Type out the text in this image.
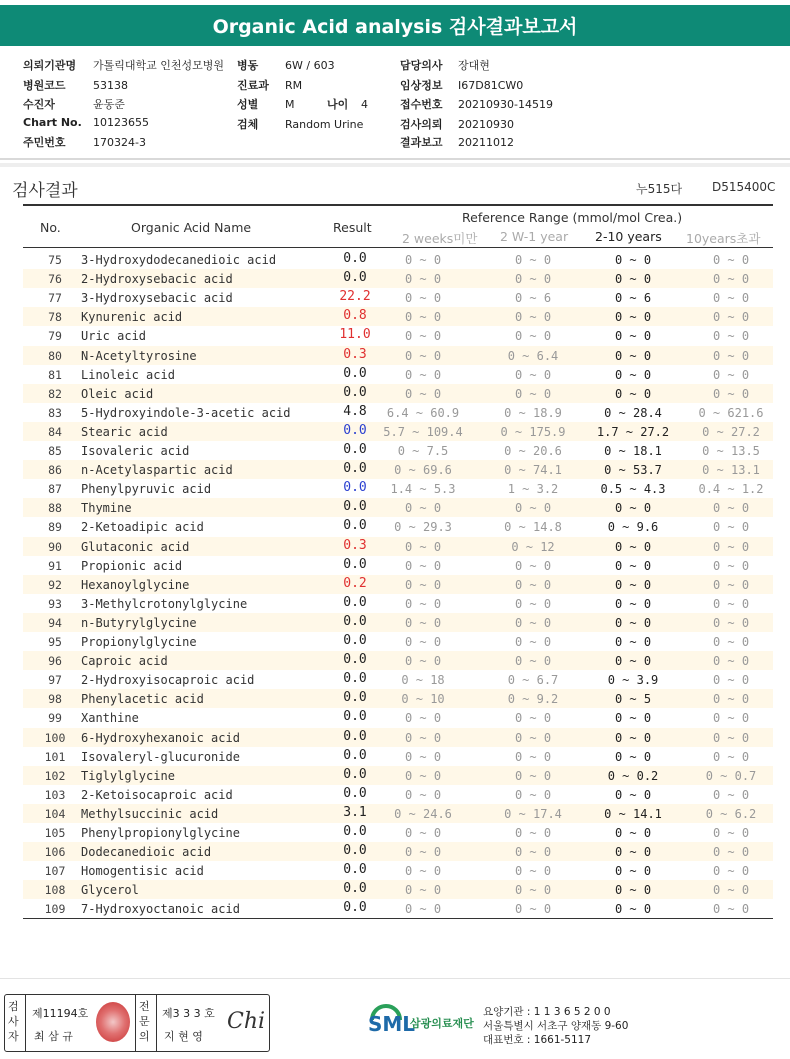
Organic Acid analysis 검사결과보고서
의뢰기관명 가톨릭대학교 인천성모병원
병원코드 53138
수진자	윤동준
Chart No. 10123655
주민번호 170324-3
병동 6W / 603
진료과 RM
성별 M	나이 4
검체 Random Urine
담당의사 장대현
임상정보 I67D81CW0
접수번호 20210930-14519
검사의뢰 20210930
결과보고 20211012
검사결과	누515다 D515400C
No.	Organic Acid Name	Result
Reference Range (mmol/mol Crea.)
2 weeks미만 2 W-1 year 2-10 years 10years초과
75	3-Hydroxydodecanedioic acid	0.0	0 ~ 0	0 ~ 0	0 ~ 0	0 ~ 0
76	2-Hydroxysebacic acid	0.0	0 ~ 0	0 ~ 0	0 ~ 0	0 ~ 0
77	3-Hydroxysebacic acid	22.2	0 ~ 0	0 ~ 6	0 ~ 6	0 ~ 0
78	Kynurenic acid	0.8	0 ~ 0	0 ~ 0	0 ~ 0	0 ~ 0
79	Uric acid	11.0	0 ~ 0	0 ~ 0	0 ~ 0	0 ~ 0
80	N-Acetyltyrosine	0.3	0 ~ 0	0 ~ 6.4	0 ~ 0	0 ~ 0
81	Linoleic acid	0.0	0 ~ 0	0 ~ 0	0 ~ 0	0 ~ 0
82	Oleic acid	0.0	0 ~ 0	0 ~ 0	0 ~ 0	0 ~ 0
83	5-Hydroxyindole-3-acetic acid	4.8	6.4 ~ 60.9	0 ~ 18.9	0 ~ 28.4	0 ~ 621.6
84	Stearic acid	0.0	5.7 ~ 109.4	0 ~ 175.9	1.7 ~ 27.2	0 ~ 27.2
85	Isovaleric acid	0.0	0 ~ 7.5	0 ~ 20.6	0 ~ 18.1	0 ~ 13.5
86	n-Acetylaspartic acid	0.0	0 ~ 69.6	0 ~ 74.1	0 ~ 53.7	0 ~ 13.1
87	Phenylpyruvic acid	0.0	1.4 ~ 5.3	1 ~ 3.2	0.5 ~ 4.3	0.4 ~ 1.2
88	Thymine	0.0	0 ~ 0	0 ~ 0	0 ~ 0	0 ~ 0
89	2-Ketoadipic acid	0.0	0 ~ 29.3	0 ~ 14.8	0 ~ 9.6	0 ~ 0
90	Glutaconic acid	0.3	0 ~ 0	0 ~ 12	0 ~ 0	0 ~ 0
91	Propionic acid	0.0	0 ~ 0	0 ~ 0	0 ~ 0	0 ~ 0
92	Hexanoylglycine	0.2	0 ~ 0	0 ~ 0	0 ~ 0	0 ~ 0
93	3-Methylcrotonylglycine	0.0	0 ~ 0	0 ~ 0	0 ~ 0	0 ~ 0
94	n-Butyrylglycine	0.0	0 ~ 0	0 ~ 0	0 ~ 0	0 ~ 0
95	Propionylglycine	0.0	0 ~ 0	0 ~ 0	0 ~ 0	0 ~ 0
96	Caproic acid	0.0	0 ~ 0	0 ~ 0	0 ~ 0	0 ~ 0
97	2-Hydroxyisocaproic acid	0.0	0 ~ 18	0 ~ 6.7	0 ~ 3.9	0 ~ 0
98	Phenylacetic acid	0.0	0 ~ 10	0 ~ 9.2	0 ~ 5	0 ~ 0
99	Xanthine	0.0	0 ~ 0	0 ~ 0	0 ~ 0	0 ~ 0
100	6-Hydroxyhexanoic acid	0.0	0 ~ 0	0 ~ 0	0 ~ 0	0 ~ 0
101	Isovaleryl-glucuronide	0.0	0 ~ 0	0 ~ 0	0 ~ 0	0 ~ 0
102	Tiglylglycine	0.0	0 ~ 0	0 ~ 0	0 ~ 0.2	0 ~ 0.7
103	2-Ketoisocaproic acid	0.0	0 ~ 0	0 ~ 0	0 ~ 0	0 ~ 0
104	Methylsuccinic acid	3.1	0 ~ 24.6	0 ~ 17.4	0 ~ 14.1	0 ~ 6.2
105	Phenylpropionylglycine	0.0	0 ~ 0	0 ~ 0	0 ~ 0	0 ~ 0
106	Dodecanedioic acid	0.0	0 ~ 0	0 ~ 0	0 ~ 0	0 ~ 0
107	Homogentisic acid	0.0	0 ~ 0	0 ~ 0	0 ~ 0	0 ~ 0
108	Glycerol	0.0	0 ~ 0	0 ~ 0	0 ~ 0	0 ~ 0
109	7-Hydroxyoctanoic acid	0.0	0 ~ 0	0 ~ 0	0 ~ 0	0 ~ 0
검사자
제11194호
최 삼 규
전문의
제3 3 3 호
지 현 영
Chi	SML
삼광의료재단
요양기관 : 1 1 3 6 5 2 0 0
서울특별시 서초구 양재동 9-60
대표번호 : 1661-5117
